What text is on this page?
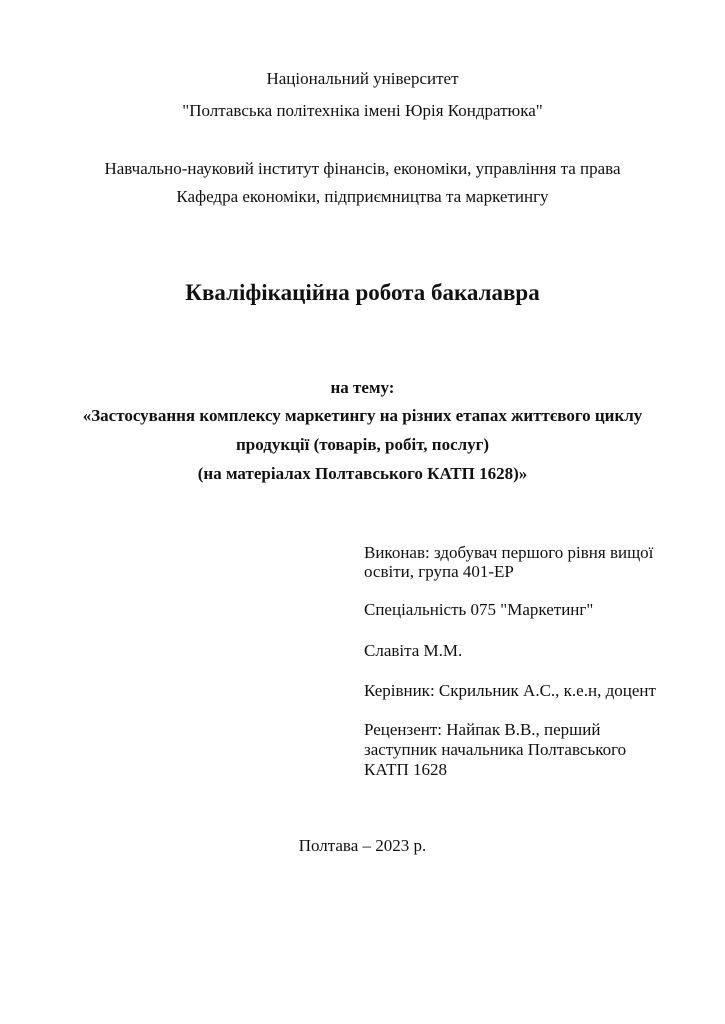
Національний університет
"Полтавська політехніка імені Юрія Кондратюка"
Навчально-науковий інститут фінансів, економіки, управління та права
Кафедра економіки, підприємництва та маркетингу
Кваліфікаційна робота бакалавра
на тему:
«Застосування комплексу маркетингу на різних етапах життєвого циклу
продукції (товарів, робіт, послуг)
(на матеріалах Полтавського КАТП 1628)»
Виконав: здобувач першого рівня вищої
освіти, група 401-ЕР
Спеціальність 075 "Маркетинг"
Славіта М.М.
Керівник: Скрильник А.С., к.е.н, доцент
Рецензент: Найпак В.В., перший
заступник начальника Полтавського
КАТП 1628
Полтава – 2023 р.
